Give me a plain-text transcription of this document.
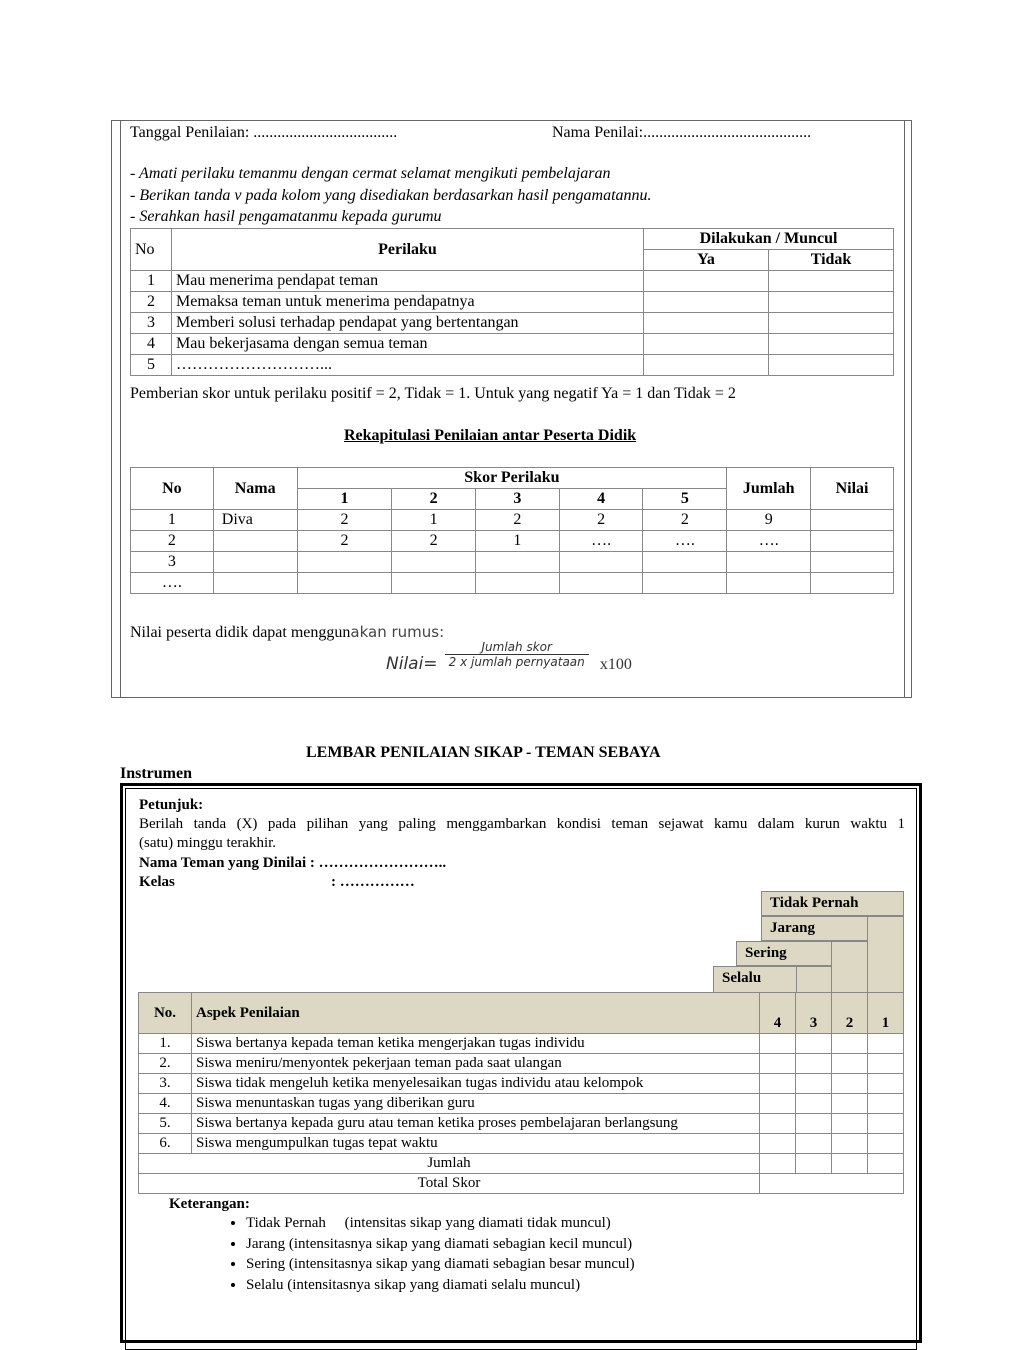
Tanggal Penilaian: ....................................	Nama Penilai:..........................................
- Amati perilaku temanmu dengan cermat selamat mengikuti pembelajaran
- Berikan tanda v pada kolom yang disediakan berdasarkan hasil pengamatannu.
- Serahkan hasil pengamatanmu kepada gurumu
No	Perilaku	Dilakukan / Muncul	
		Ya	Tidak
1	Mau menerima pendapat teman		
2	Memaksa teman untuk menerima pendapatnya		
3	Memberi solusi terhadap pendapat yang bertentangan		
4	Mau bekerjasama dengan semua teman		
5	………………………...		
Pemberian skor untuk perilaku positif = 2, Tidak = 1. Untuk yang negatif Ya = 1 dan Tidak = 2
Rekapitulasi Penilaian antar Peserta Didik
No	Nama	Skor Perilaku					Jumlah	Nilai
		1	2	3	4	5		
1	Diva	2	1	2	2	2	9	
2		2	2	1	….	….	….	
3								
….								
Nilai peserta didik dapat menggunakan rumus:
Nilai=
Jumlah skor
2 x jumlah pernyataan x100
LEMBAR PENILAIAN SIKAP - TEMAN SEBAYA
Instrumen
Petunjuk:
Berilah tanda (X) pada pilihan yang paling menggambarkan kondisi teman sejawat kamu dalam kurun waktu 1
(satu) minggu terakhir.
Nama Teman yang Dinilai : ……………………..
Kelas	: ……………
Tidak Pernah
Jarang
Sering
Selalu
No.	Aspek Penilaian	4	3	2	1
1.	Siswa bertanya kepada teman ketika mengerjakan tugas individu				
2.	Siswa meniru/menyontek pekerjaan teman pada saat ulangan				
3.	Siswa tidak mengeluh ketika menyelesaikan tugas individu atau kelompok				
4.	Siswa menuntaskan tugas yang diberikan guru				
5.	Siswa bertanya kepada guru atau teman ketika proses pembelajaran berlangsung				
6.	Siswa mengumpulkan tugas tepat waktu				
Jumlah					
Total Skor					
Keterangan:
• Tidak Pernah     (intensitas sikap yang diamati tidak muncul)
• Jarang (intensitasnya sikap yang diamati sebagian kecil muncul)
• Sering (intensitasnya sikap yang diamati sebagian besar muncul)
• Selalu (intensitasnya sikap yang diamati selalu muncul)
